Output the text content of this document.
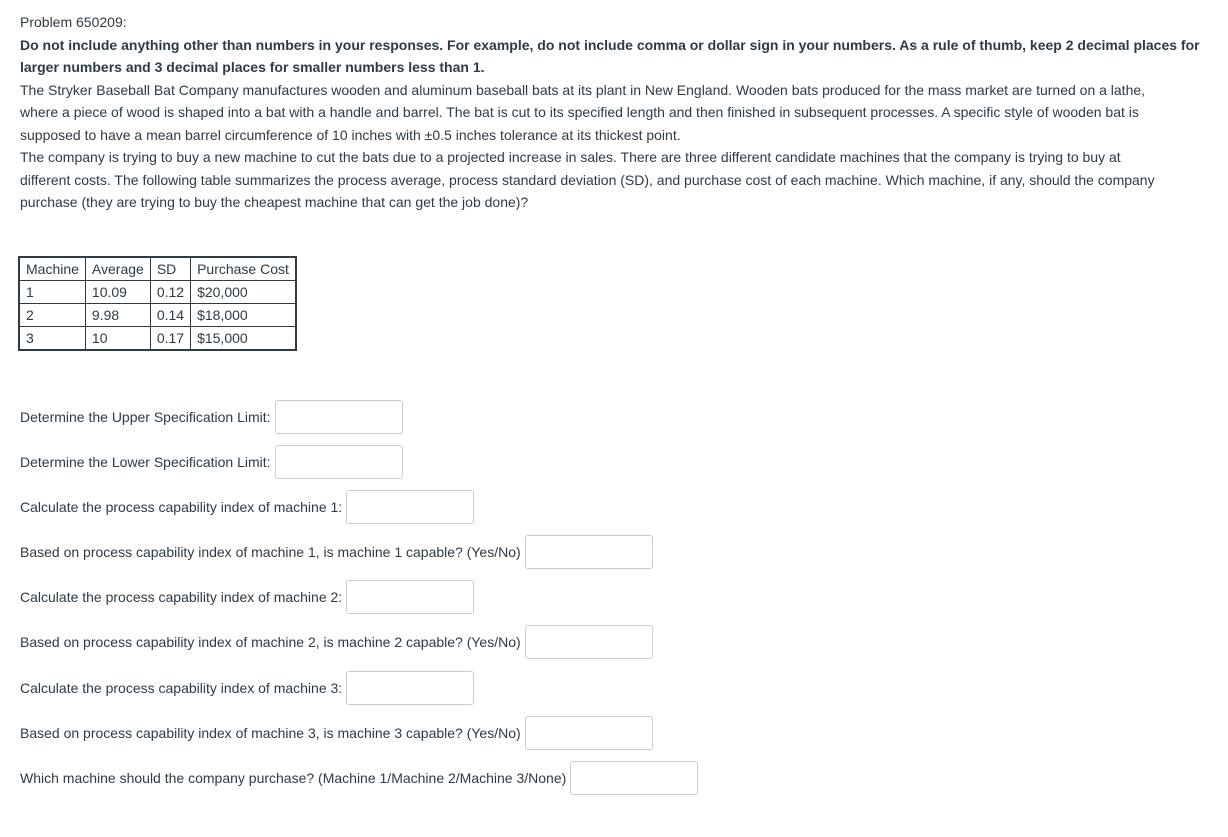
Problem 650209:

Do not include anything other than numbers in your responses. For example, do not include comma or dollar sign in your numbers. As a rule of thumb, keep 2 decimal places for

larger numbers and 3 decimal places for smaller numbers less than 1.

The Stryker Baseball Bat Company manufactures wooden and aluminum baseball bats at its plant in New England. Wooden bats produced for the mass market are turned on a lathe,

where a piece of wood is shaped into a bat with a handle and barrel. The bat is cut to its specified length and then finished in subsequent processes. A specific style of wooden bat is

supposed to have a mean barrel circumference of 10 inches with ±0.5 inches tolerance at its thickest point.

The company is trying to buy a new machine to cut the bats due to a projected increase in sales. There are three different candidate machines that the company is trying to buy at

different costs. The following table summarizes the process average, process standard deviation (SD), and purchase cost of each machine. Which machine, if any, should the company

purchase (they are trying to buy the cheapest machine that can get the job done)?

Machine	Average	SD	Purchase Cost
1	10.09	0.12	$20,000
2	9.98	0.14	$18,000
3	10	0.17	$15,000
Determine the Upper Specification Limit:
Determine the Lower Specification Limit:
Calculate the process capability index of machine 1:
Based on process capability index of machine 1, is machine 1 capable? (Yes/No)
Calculate the process capability index of machine 2:
Based on process capability index of machine 2, is machine 2 capable? (Yes/No)
Calculate the process capability index of machine 3:
Based on process capability index of machine 3, is machine 3 capable? (Yes/No)
Which machine should the company purchase? (Machine 1/Machine 2/Machine 3/None)
